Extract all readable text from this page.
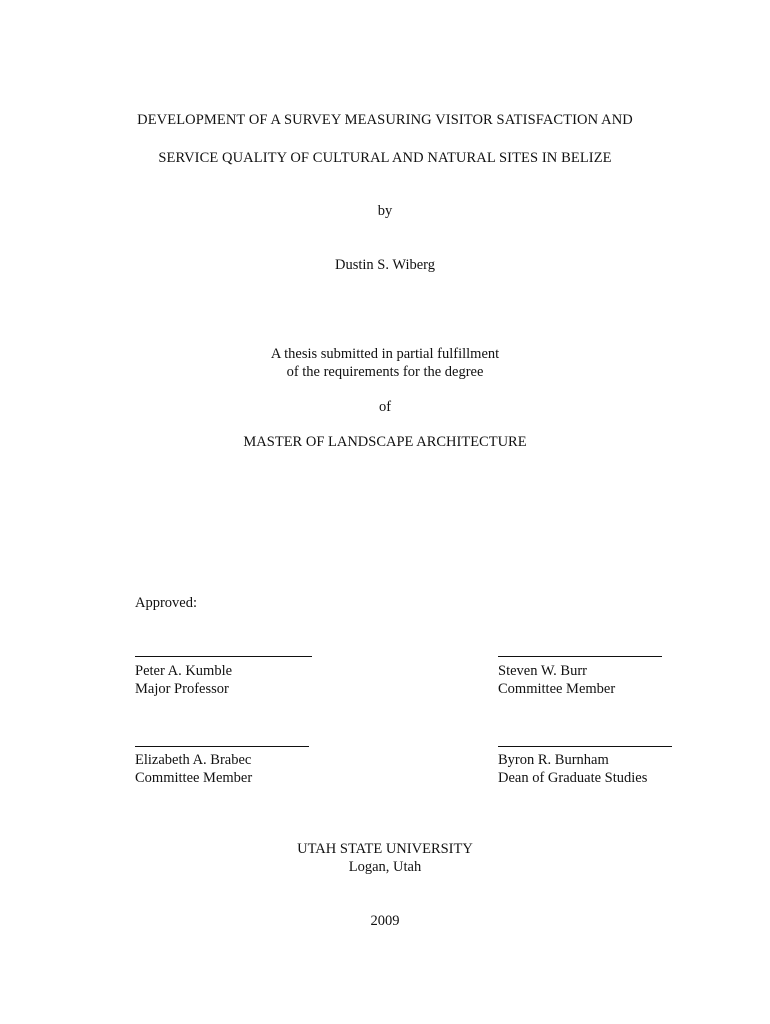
DEVELOPMENT OF A SURVEY MEASURING VISITOR SATISFACTION AND
SERVICE QUALITY OF CULTURAL AND NATURAL SITES IN BELIZE
by
Dustin S. Wiberg
A thesis submitted in partial fulfillment
of the requirements for the degree
of
MASTER OF LANDSCAPE ARCHITECTURE
Approved:
Peter A. Kumble
Major Professor
Steven W. Burr
Committee Member
Elizabeth A. Brabec
Committee Member
Byron R. Burnham
Dean of Graduate Studies
UTAH STATE UNIVERSITY
Logan, Utah
2009
